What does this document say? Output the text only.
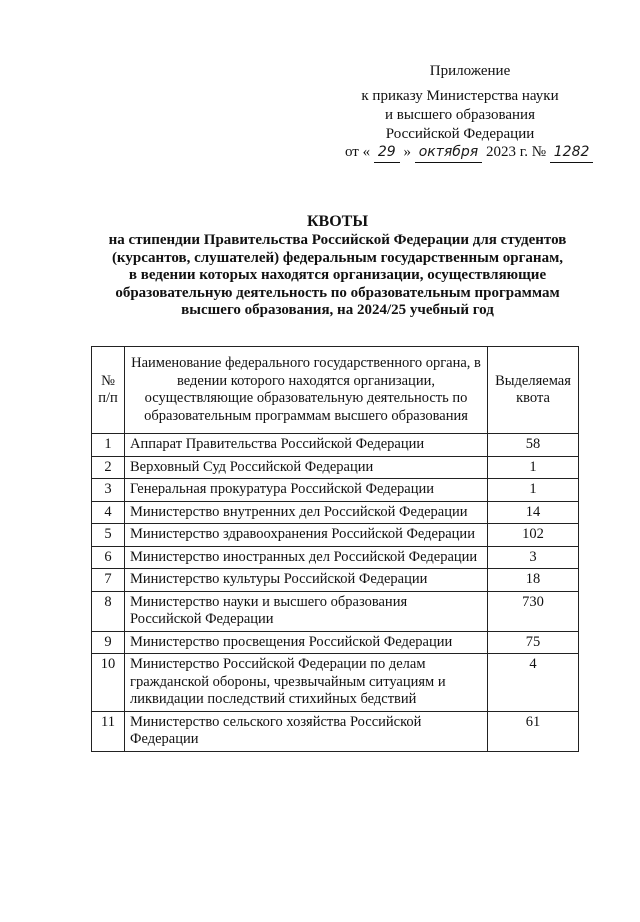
Приложение
к приказу Министерства науки
и высшего образования
Российской Федерации
от « 29 » октября 2023 г. № 1282
КВОТЫ
на стипендии Правительства Российской Федерации для студентов
(курсантов, слушателей) федеральным государственным органам,
в ведении которых находятся организации, осуществляющие
образовательную деятельность по образовательным программам
высшего образования, на 2024/25 учебный год
№ п/п	Наименование федерального государственного органа, в ведении которого находятся организации, осуществляющие образовательную деятельность по образовательным программам высшего образования	Выделяемая квота
1	Аппарат Правительства Российской Федерации	58
2	Верховный Суд Российской Федерации	1
3	Генеральная прокуратура Российской Федерации	1
4	Министерство внутренних дел Российской Федерации	14
5	Министерство здравоохранения Российской Федерации	102
6	Министерство иностранных дел Российской Федерации	3
7	Министерство культуры Российской Федерации	18
8	Министерство науки и высшего образования Российской Федерации	730
9	Министерство просвещения Российской Федерации	75
10	Министерство Российской Федерации по делам гражданской обороны, чрезвычайным ситуациям и ликвидации последствий стихийных бедствий	4
11	Министерство сельского хозяйства Российской Федерации	61
